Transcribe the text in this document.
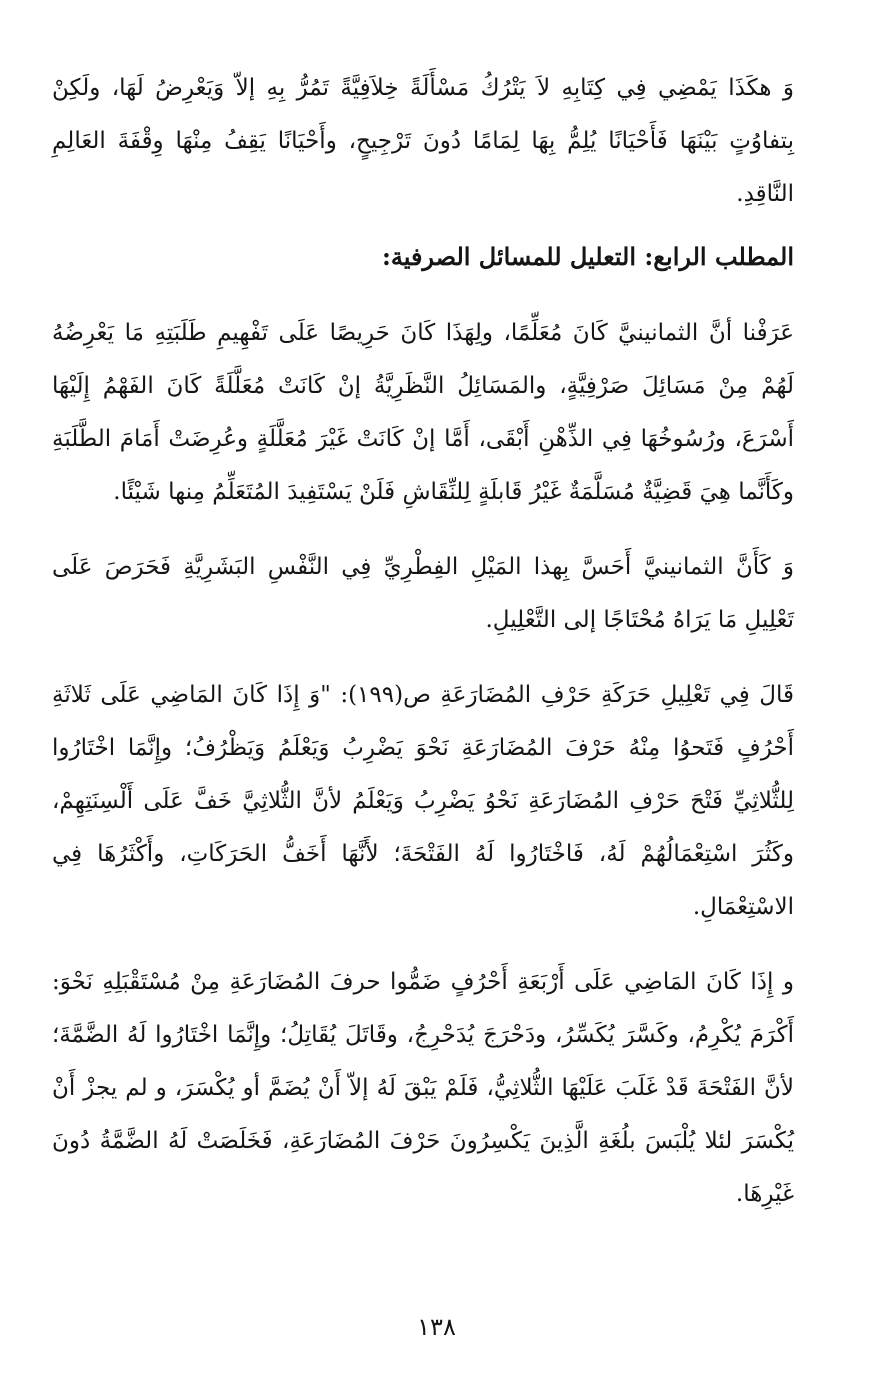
وَ هكَذَا يَمْضِي فِي كِتَابِهِ لاَ يَتْرُكُ مَسْأَلَةً خِلاَفِيَّةً تَمُرُّ بِهِ إلاّ وَيَعْرِضُ لَهَا، ولَكِنْ بِتفاوُتٍ بَيْنَهَا فَأَحْيَانًا يُلِمُّ بِهَا لِمَامًا دُونَ تَرْجِيحٍ، وأَحْيَانًا يَقِفُ مِنْهَا وِقْفَةَ العَالِمِ النَّاقِدِ.

المطلب الرابع: التعليل للمسائل الصرفية:

عَرَفْنا أنَّ الثمانينيَّ كَانَ مُعَلِّمًا، ولِهَذَا كَانَ حَرِيصًا عَلَى تَفْهِيمِ طَلَبَتِهِ مَا يَعْرِضُهُ لَهُمْ مِنْ مَسَائِلَ صَرْفِيَّةٍ، والمَسَائِلُ النَّظَرِيَّةُ إنْ كَانَتْ مُعَلَّلَةً كَانَ الفَهْمُ إِلَيْهَا أَسْرَعَ، ورُسُوخُهَا فِي الذِّهْنِ أَبْقَى، أَمَّا إنْ كَانَتْ غَيْرَ مُعَلَّلَةٍ وعُرِضَتْ أَمَامَ الطَّلَبَةِ وكَأَنَّما هِيَ قَضِيَّةٌ مُسَلَّمَةٌ غَيْرُ قَابلَةٍ لِلنِّقَاشِ فَلَنْ يَسْتَفِيدَ المُتَعَلِّمُ مِنها شَيْئًا.

وَ كَأَنَّ الثمانينيَّ أَحَسَّ بِهذا المَيْلِ الفِطْرِيِّ فِي النَّفْسِ البَشَرِيَّةِ فَحَرَصَ عَلَى تَعْلِيلِ مَا يَرَاهُ مُحْتَاجًا إلى التَّعْلِيلِ.

قَالَ فِي تَعْلِيلِ حَرَكَةِ حَرْفِ المُضَارَعَةِ ص(١٩٩): "وَ إِذَا كَانَ المَاضِي عَلَى ثَلاثَةِ أَحْرُفٍ فَتَحوُا مِنْهُ حَرْفَ المُضَارَعَةِ نَحْوَ يَضْرِبُ وَيَعْلَمُ وَيَظْرُفُ؛ وإِنَّمَا اخْتَارُوا لِلثُّلاثِيِّ فَتْحَ حَرْفِ المُضَارَعَةِ نَحْوُ يَضْرِبُ وَيَعْلَمُ لأنَّ الثُّلاثِيَّ خَفَّ عَلَى أَلْسِنَتِهِمْ، وكَثُرَ اسْتِعْمَالُهُمْ لَهُ، فَاخْتَارُوا لَهُ الفَتْحَةَ؛ لأَنَّهَا أَخَفُّ الحَرَكَاتِ، وأَكْثَرُهَا فِي الاسْتِعْمَالِ.

و إِذَا كَانَ المَاضِي عَلَى أَرْبَعَةِ أَحْرُفٍ ضَمُّوا حرفَ المُضَارَعَةِ مِنْ مُسْتَقْبَلِهِ نَحْوَ: أَكْرَمَ يُكْرِمُ، وكَسَّرَ يُكَسِّرُ، ودَحْرَجَ يُدَحْرِجُ، وقَاتَلَ يُقَاتِلُ؛ وإِنَّمَا اخْتَارُوا لَهُ الضَّمَّةَ؛ لأنَّ الفَتْحَةَ قَدْ غَلَبَ عَلَيْهَا الثُّلاثِيُّ، فَلَمْ يَبْقَ لَهُ إلاّ أَنْ يُضَمَّ أو يُكْسَرَ، و لم يجزْ أَنْ يُكْسَرَ لئلا يُلْبَسَ بلُغَةِ الَّذِينَ يَكْسِرُونَ حَرْفَ المُضَارَعَةِ، فَخَلَصَتْ لَهُ الضَّمَّةُ دُونَ غَيْرِهَا.

١٣٨
